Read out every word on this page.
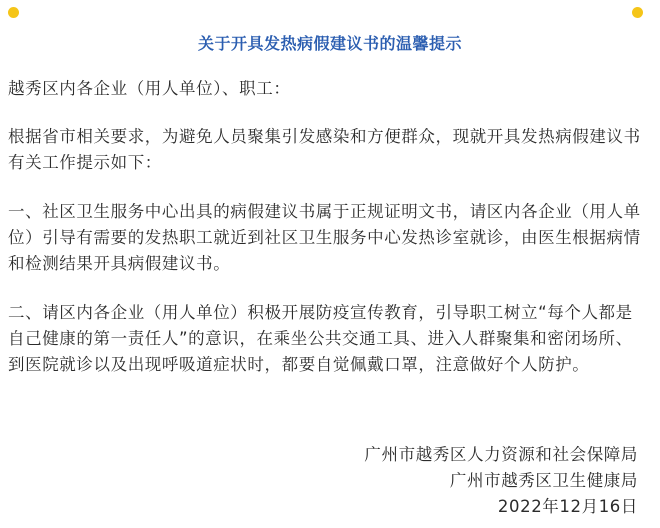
关于开具发热病假建议书的温馨提示

越秀区内各企业（用人单位）、职工：

根据省市相关要求，为避免人员聚集引发感染和方便群众，现就开具发热病假建议书有关工作提示如下：

一、社区卫生服务中心出具的病假建议书属于正规证明文书，请区内各企业（用人单位）引导有需要的发热职工就近到社区卫生服务中心发热诊室就诊，由医生根据病情和检测结果开具病假建议书。

二、请区内各企业（用人单位）积极开展防疫宣传教育，引导职工树立“每个人都是自己健康的第一责任人”的意识，在乘坐公共交通工具、进入人群聚集和密闭场所、到医院就诊以及出现呼吸道症状时，都要自觉佩戴口罩，注意做好个人防护。

广州市越秀区人力资源和社会保障局
广州市越秀区卫生健康局
2022年12月16日
